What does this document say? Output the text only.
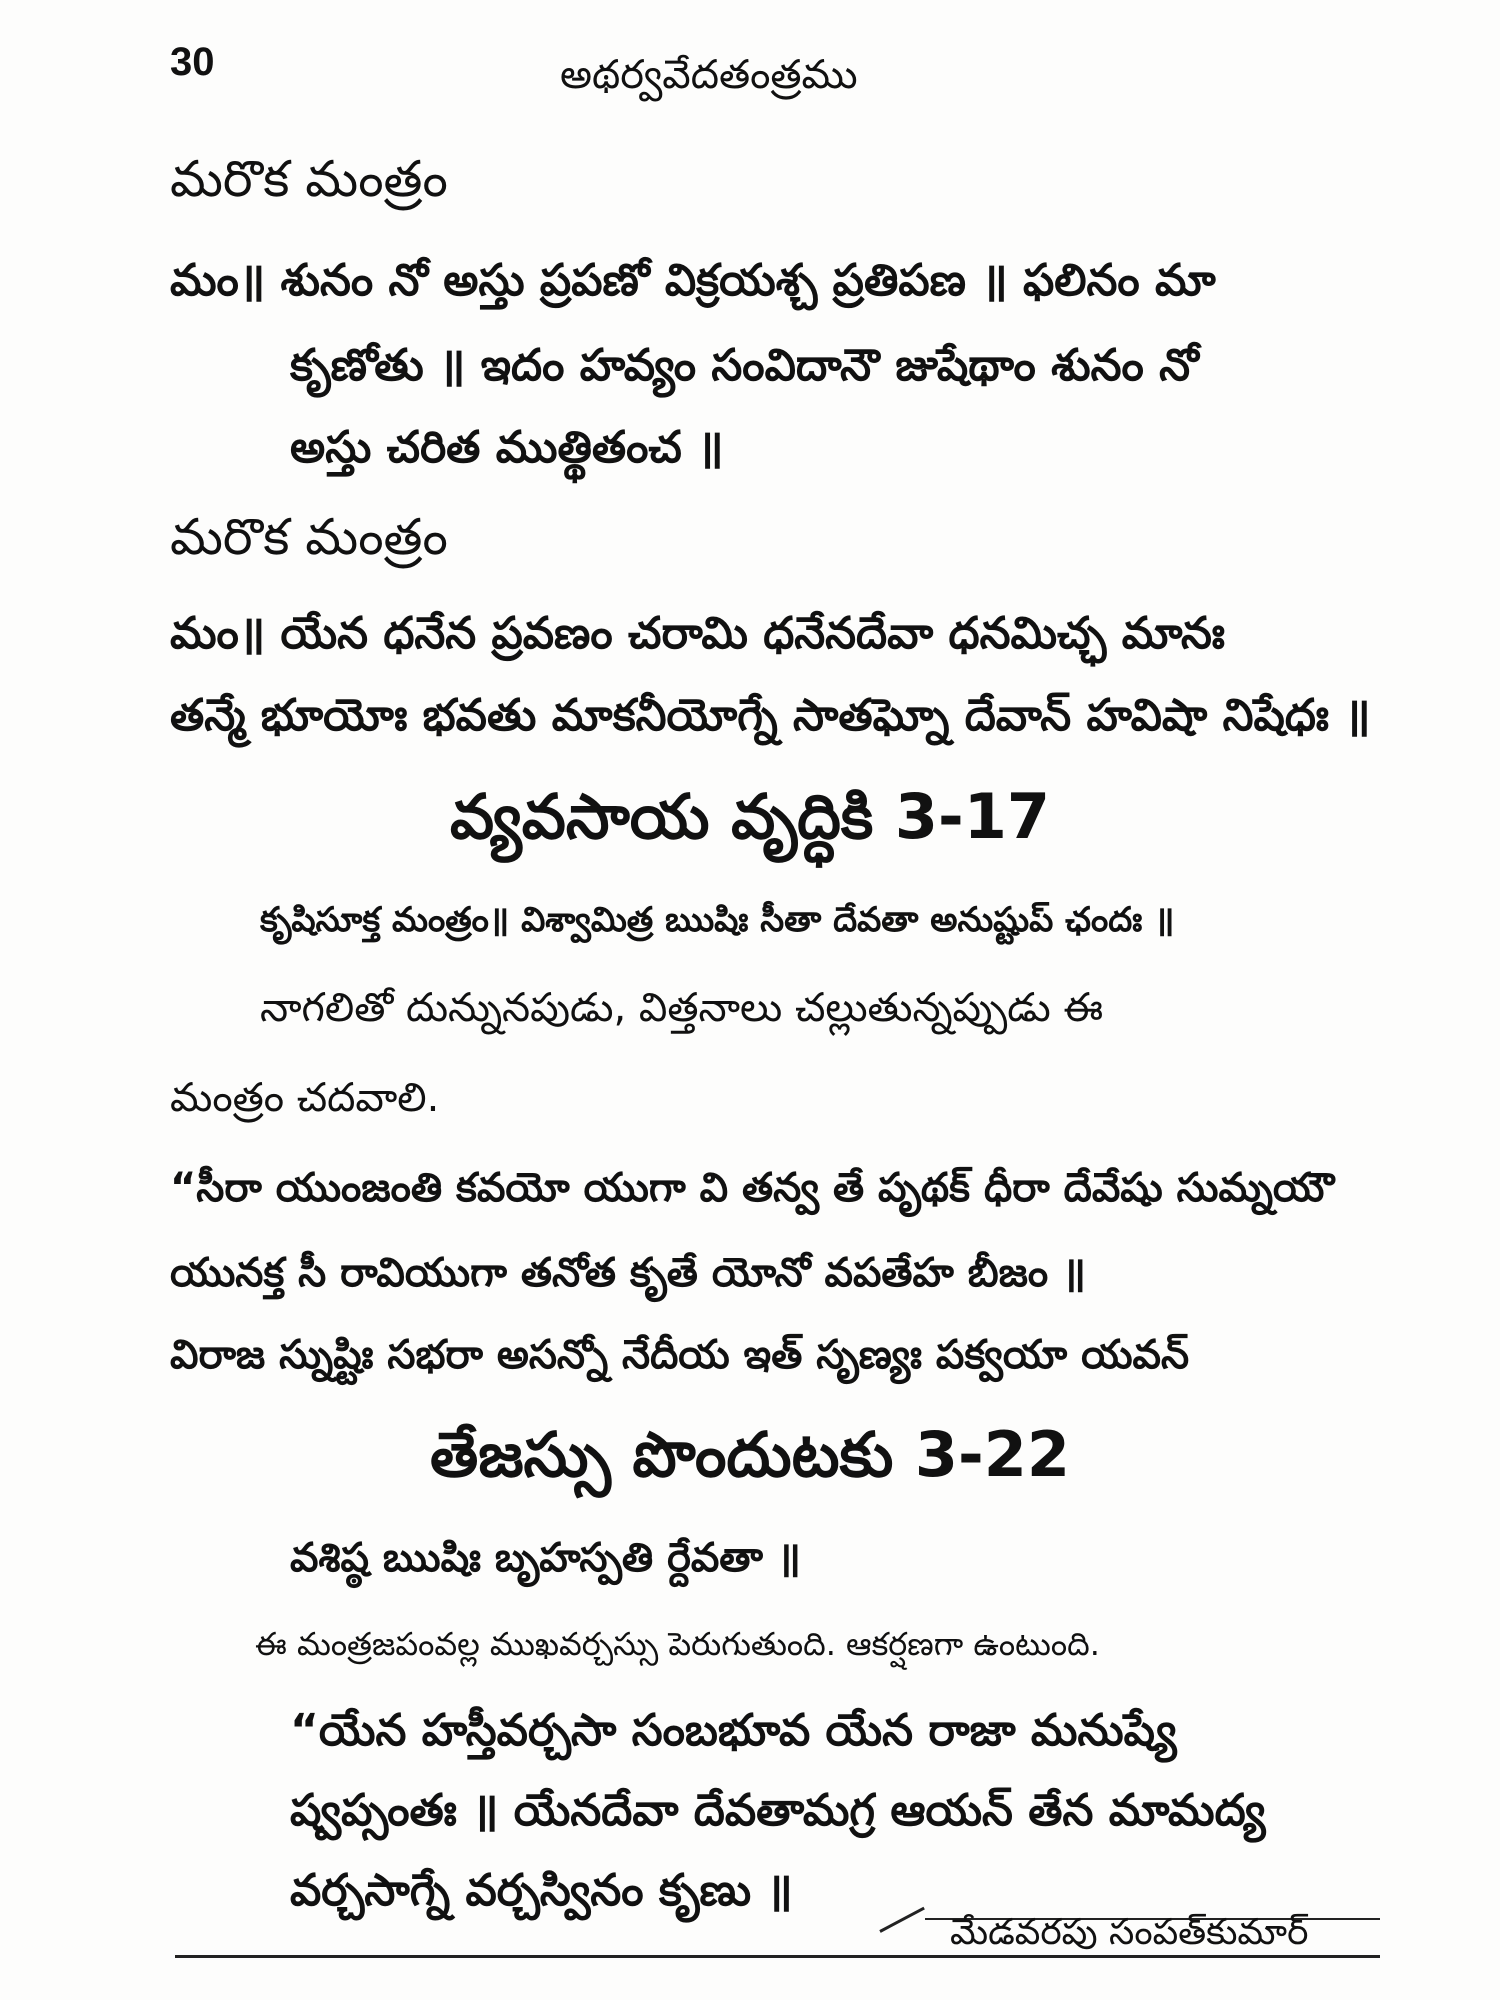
30	అథర్వవేదతంత్రము
మరొక మంత్రం
మం॥ శునం నో అస్తు ప్రపణో విక్రయశ్చ ప్రతిపణ ॥ ఫలినం మా
కృణోతు ॥ ఇదం హవ్యం సంవిదానౌ జుషేథాం శునం నో
అస్తు చరిత ముత్థితంచ ॥
మరొక మంత్రం
మం॥ యేన ధనేన ప్రవణం చరామి ధనేనదేవా ధనమిచ్ఛ మానః
తన్మే భూయోః భవతు మాకనీయోగ్నే సాతఘ్నో దేవాన్ హవిషా నిషేధః ॥
వ్యవసాయ వృద్ధికి 3-17
కృషిసూక్త మంత్రం॥ విశ్వామిత్ర ఋషిః సీతా దేవతా అనుష్టుప్ ఛందః ॥
నాగలితో దున్నునపుడు, విత్తనాలు చల్లుతున్నప్పుడు ఈ
మంత్రం చదవాలి.
“సీరా యుంజంతి కవయో యుగా వి తన్వ తే పృథక్ ధీరా దేవేషు సుమ్నయౌ
యునక్త సీ రావియుగా తనోత కృతే యోనో వపతేహ బీజం ॥
విరాజ స్నుష్టిః సభరా అసన్నో నేదీయ ఇత్ సృణ్యః పక్వయా యవన్
తేజస్సు పొందుటకు 3-22
వశిష్ఠ ఋషిః బృహస్పతి ర్దేవతా ॥
ఈ మంత్రజపంవల్ల ముఖవర్చస్సు పెరుగుతుంది. ఆకర్షణగా ఉంటుంది.
“యేన హస్తీవర్చసా సంబభూవ యేన రాజా మనుష్యే
ష్వప్సంతః ॥ యేనదేవా దేవతామగ్ర ఆయన్ తేన మామద్య
వర్చసాగ్నే వర్చస్వినం కృణు ॥
మేడవరపు సంపత్‌కుమార్
